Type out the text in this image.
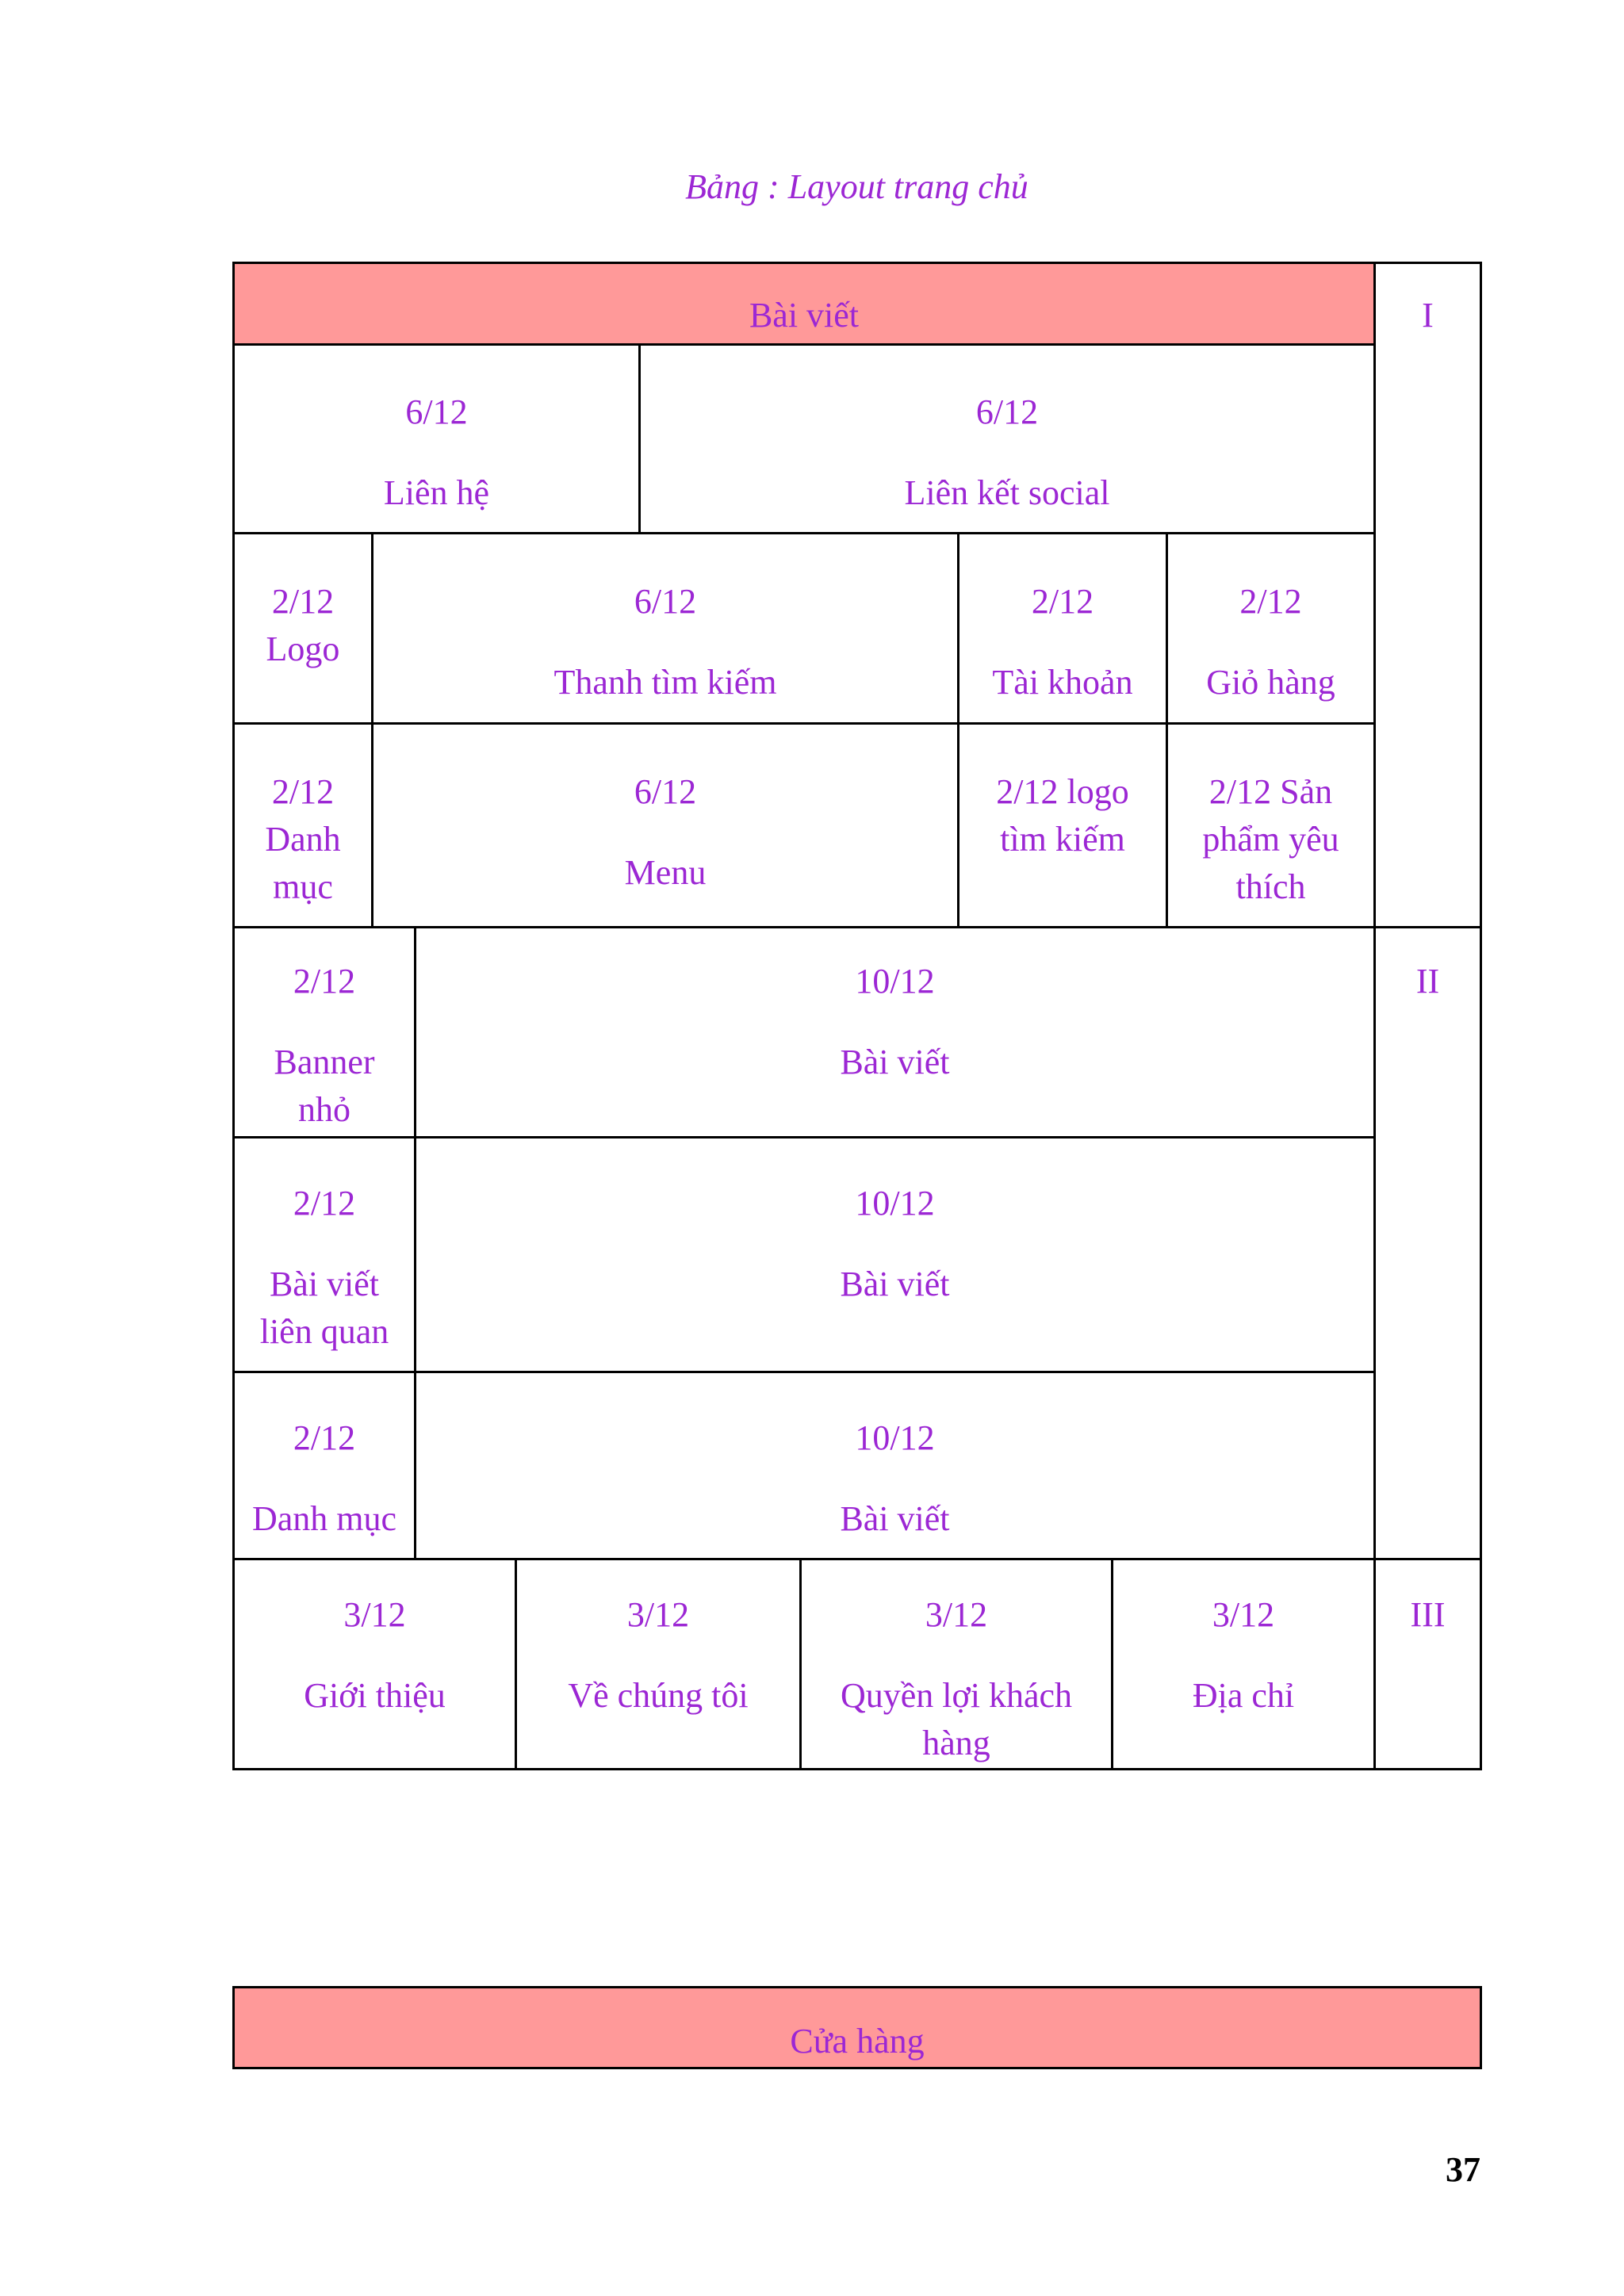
Bảng : Layout trang chủ

Bài viết	I

6/12

Liên hệ

6/12

Liên kết social

2/12

Logo

6/12

Thanh tìm kiếm

2/12

Tài khoản

2/12

Giỏ hàng

2/12

Danh mục

6/12

Menu

2/12 logo tìm kiếm

2/12 Sản phẩm yêu thích

II

2/12

Banner nhỏ

10/12

Bài viết

2/12

Bài viết liên quan

10/12

Bài viết

2/12

Danh mục

10/12

Bài viết

3/12

Giới thiệu

3/12

Về chúng tôi

3/12

Quyền lợi khách hàng

3/12

Địa chỉ

III

Cửa hàng

37
